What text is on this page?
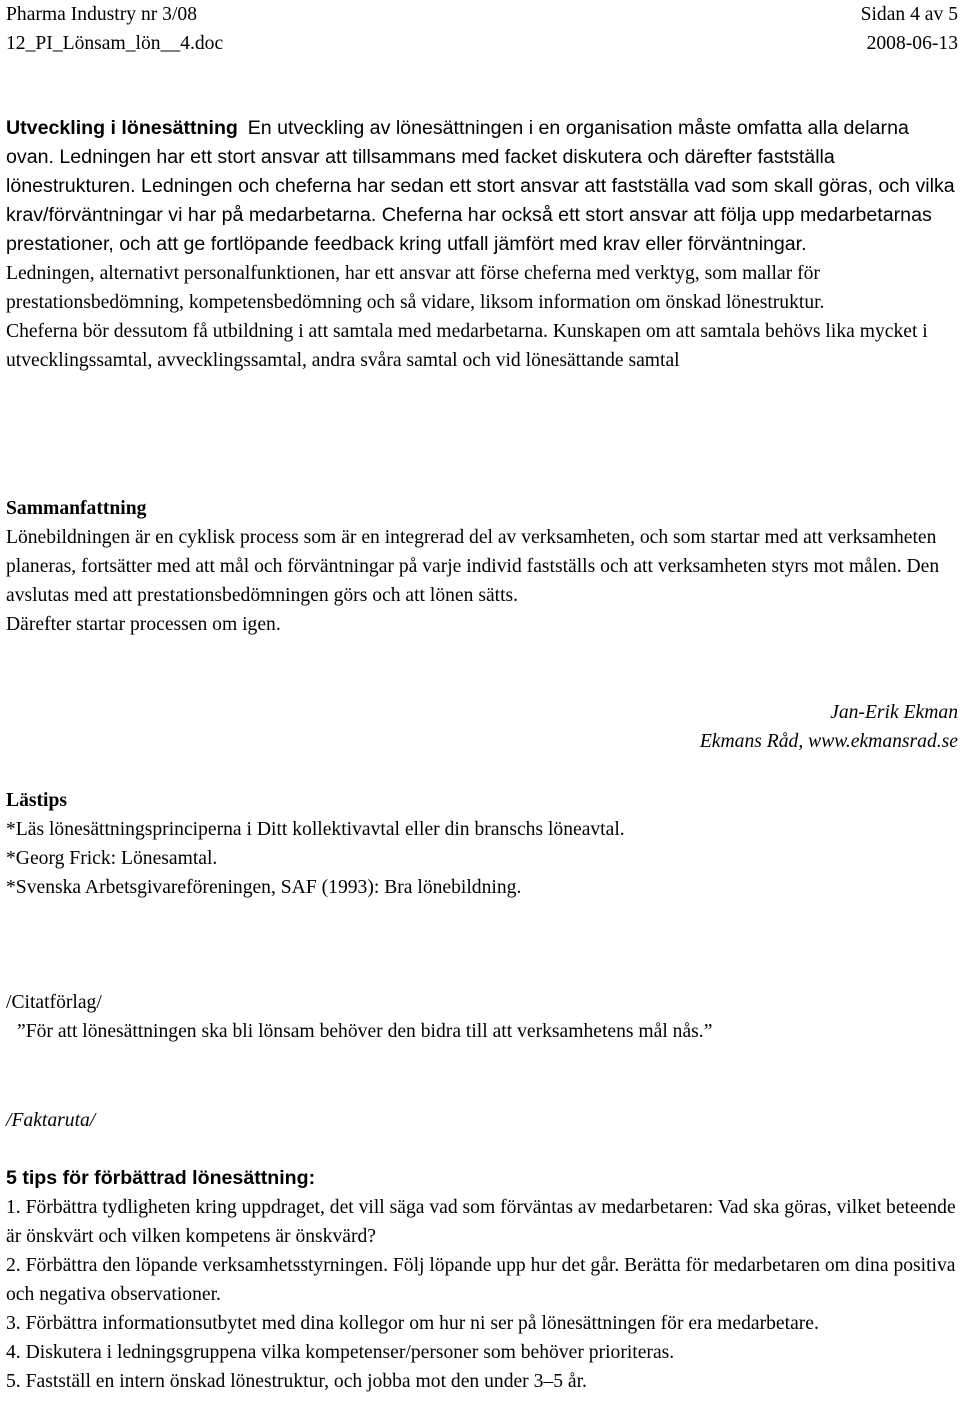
Pharma Industry nr 3/08	Sidan 4 av 5
12_PI_Lönsam_lön__4.doc	2008-06-13

Utveckling i lönesättning En utveckling av lönesättningen i en organisation måste omfatta alla delarna ovan. Ledningen har ett stort ansvar att tillsammans med facket diskutera och därefter fastställa lönestrukturen. Ledningen och cheferna har sedan ett stort ansvar att fastställa vad som skall göras, och vilka krav/förväntningar vi har på medarbetarna. Cheferna har också ett stort ansvar att följa upp medarbetarnas prestationer, och att ge fortlöpande feedback kring utfall jämfört med krav eller förväntningar.

Ledningen, alternativt personalfunktionen, har ett ansvar att förse cheferna med verktyg, som mallar för prestationsbedömning, kompetensbedömning och så vidare, liksom information om önskad lönestruktur.

Cheferna bör dessutom få utbildning i att samtala med medarbetarna. Kunskapen om att samtala behövs lika mycket i utvecklingssamtal, avvecklingssamtal, andra svåra samtal och vid lönesättande samtal

Sammanfattning

Lönebildningen är en cyklisk process som är en integrerad del av verksamheten, och som startar med att verksamheten planeras, fortsätter med att mål och förväntningar på varje individ fastställs och att verksamheten styrs mot målen. Den avslutas med att prestationsbedömningen görs och att lönen sätts.

Därefter startar processen om igen.

Jan-Erik Ekman

Ekmans Råd, www.ekmansrad.se

Lästips

*Läs lönesättningsprinciperna i Ditt kollektivavtal eller din branschs löneavtal.

*Georg Frick: Lönesamtal.

*Svenska Arbetsgivareföreningen, SAF (1993): Bra lönebildning.

/Citatförlag/

”För att lönesättningen ska bli lönsam behöver den bidra till att verksamhetens mål nås.”

/Faktaruta/

5 tips för förbättrad lönesättning:

1. Förbättra tydligheten kring uppdraget, det vill säga vad som förväntas av medarbetaren: Vad ska göras, vilket beteende är önskvärt och vilken kompetens är önskvärd?

2. Förbättra den löpande verksamhetsstyrningen. Följ löpande upp hur det går. Berätta för medarbetaren om dina positiva och negativa observationer.

3. Förbättra informationsutbytet med dina kollegor om hur ni ser på lönesättningen för era medarbetare.

4. Diskutera i ledningsgruppena vilka kompetenser/personer som behöver prioriteras.

5. Fastställ en intern önskad lönestruktur, och jobba mot den under 3–5 år.
